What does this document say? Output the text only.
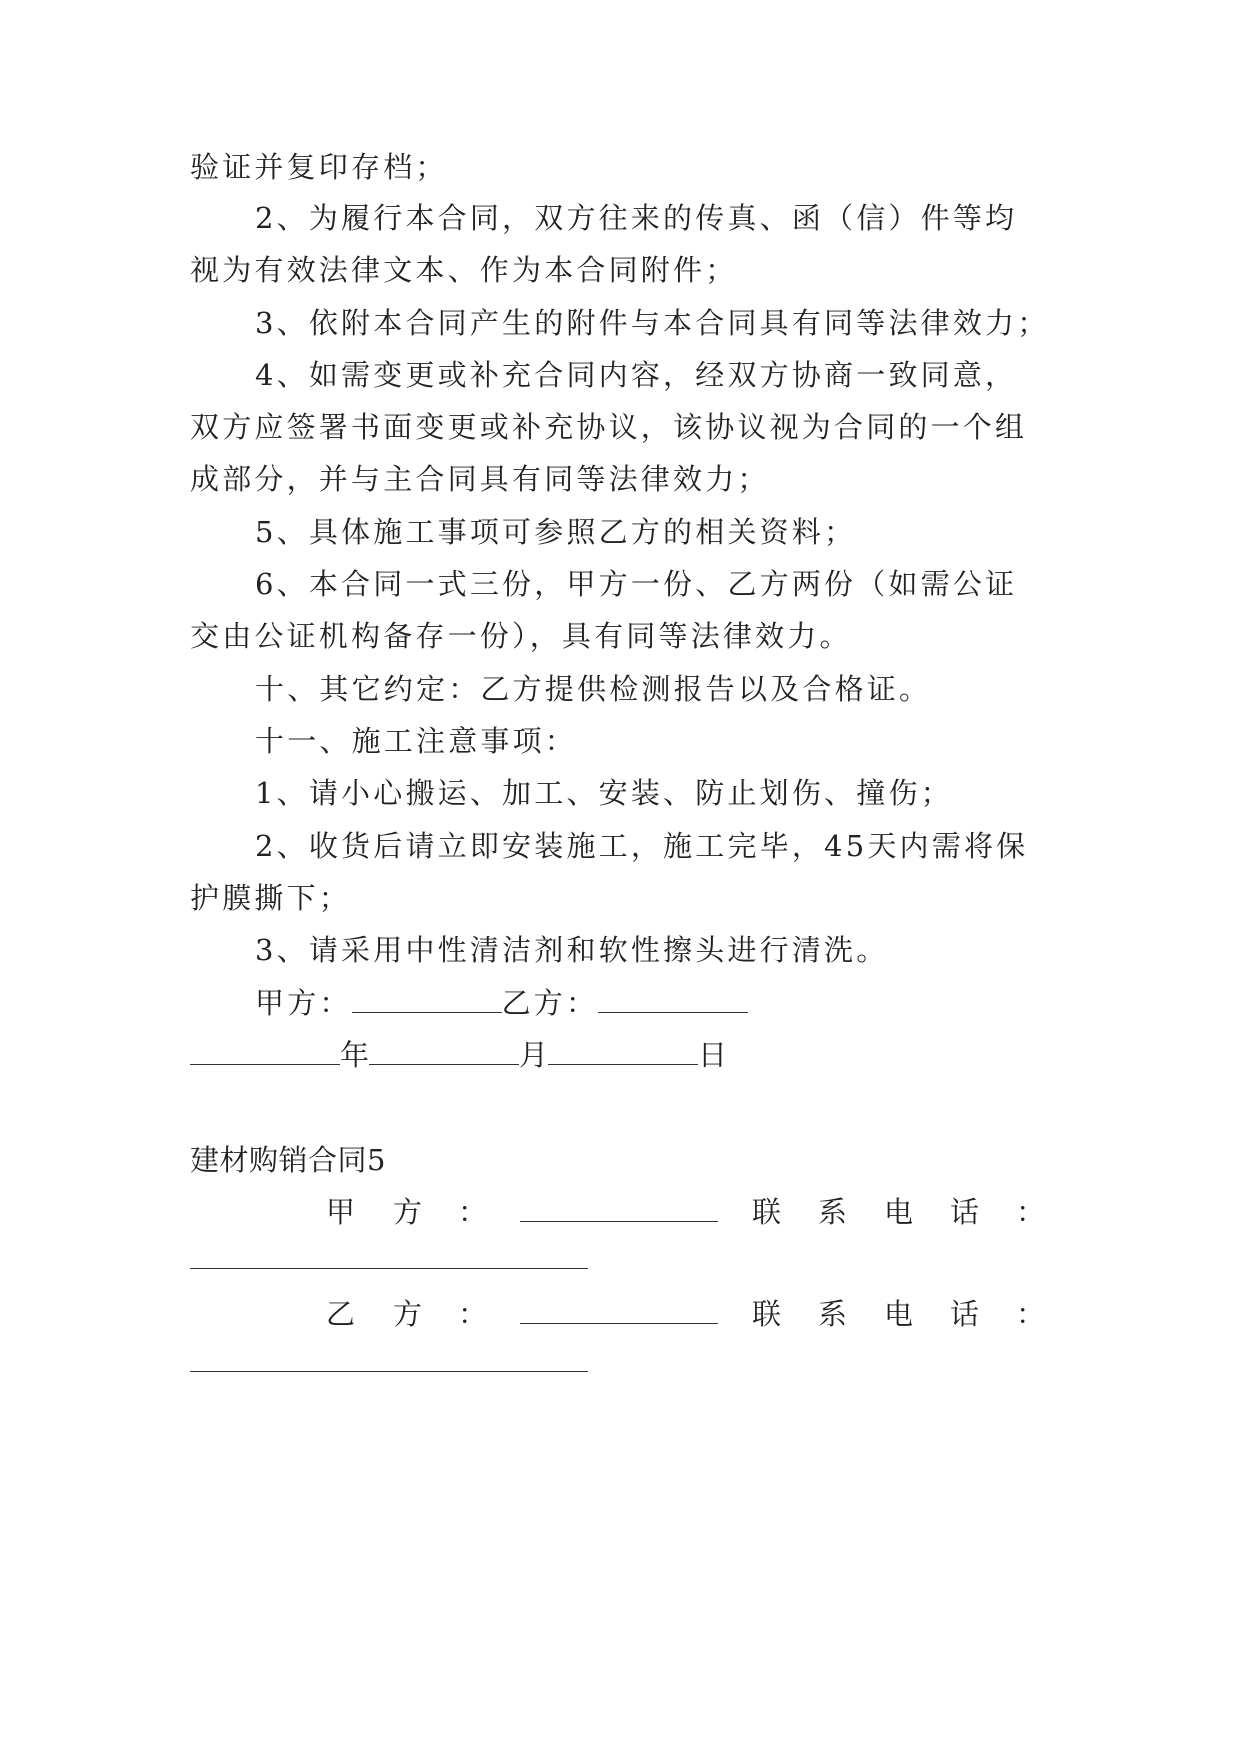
验证并复印存档；
2、为履行本合同，双方往来的传真、函（信）件等均
视为有效法律文本、作为本合同附件；
3、依附本合同产生的附件与本合同具有同等法律效力；
4、如需变更或补充合同内容，经双方协商一致同意，
双方应签署书面变更或补充协议，该协议视为合同的一个组
成部分，并与主合同具有同等法律效力；
5、具体施工事项可参照乙方的相关资料；
6、本合同一式三份，甲方一份、乙方两份（如需公证
交由公证机构备存一份），具有同等法律效力。
十、其它约定：乙方提供检测报告以及合格证。
十一、施工注意事项：
1、请小心搬运、加工、安装、防止划伤、撞伤；
2、收货后请立即安装施工，施工完毕，45天内需将保
护膜撕下；
3、请采用中性清洁剂和软性擦头进行清洗。
甲方：	乙方：
年	月	日
建材购销合同5
甲 方 ：	联 系 电 话 ：
乙 方 ：	联 系 电 话 ：
